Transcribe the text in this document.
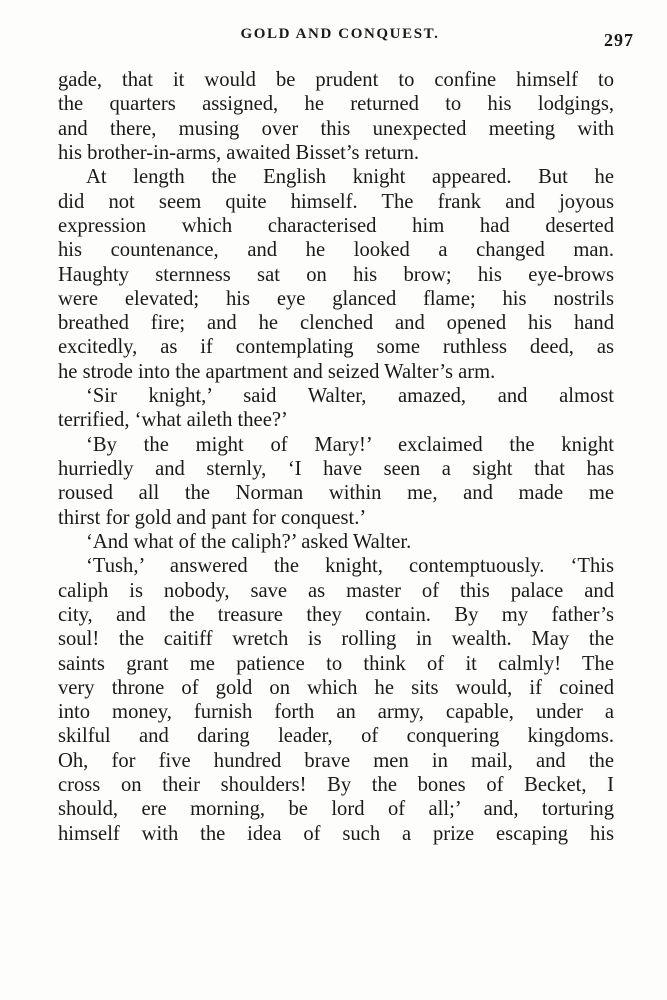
GOLD AND CONQUEST.	297
gade, that it would be prudent to confine himself to
the quarters assigned, he returned to his lodgings,
and there, musing over this unexpected meeting with
his brother-in-arms, awaited Bisset’s return.
At length the English knight appeared. But he
did not seem quite himself. The frank and joyous
expression which characterised him had deserted
his countenance, and he looked a changed man.
Haughty sternness sat on his brow; his eye-brows
were elevated; his eye glanced flame; his nostrils
breathed fire; and he clenched and opened his hand
excitedly, as if contemplating some ruthless deed, as
he strode into the apartment and seized Walter’s arm.
‘Sir knight,’ said Walter, amazed, and almost
terrified, ‘what aileth thee?’
‘By the might of Mary!’ exclaimed the knight
hurriedly and sternly, ‘I have seen a sight that has
roused all the Norman within me, and made me
thirst for gold and pant for conquest.’
‘And what of the caliph?’ asked Walter.
‘Tush,’ answered the knight, contemptuously. ‘This
caliph is nobody, save as master of this palace and
city, and the treasure they contain. By my father’s
soul! the caitiff wretch is rolling in wealth. May the
saints grant me patience to think of it calmly! The
very throne of gold on which he sits would, if coined
into money, furnish forth an army, capable, under a
skilful and daring leader, of conquering kingdoms.
Oh, for five hundred brave men in mail, and the
cross on their shoulders! By the bones of Becket, I
should, ere morning, be lord of all;’ and, torturing
himself with the idea of such a prize escaping his
